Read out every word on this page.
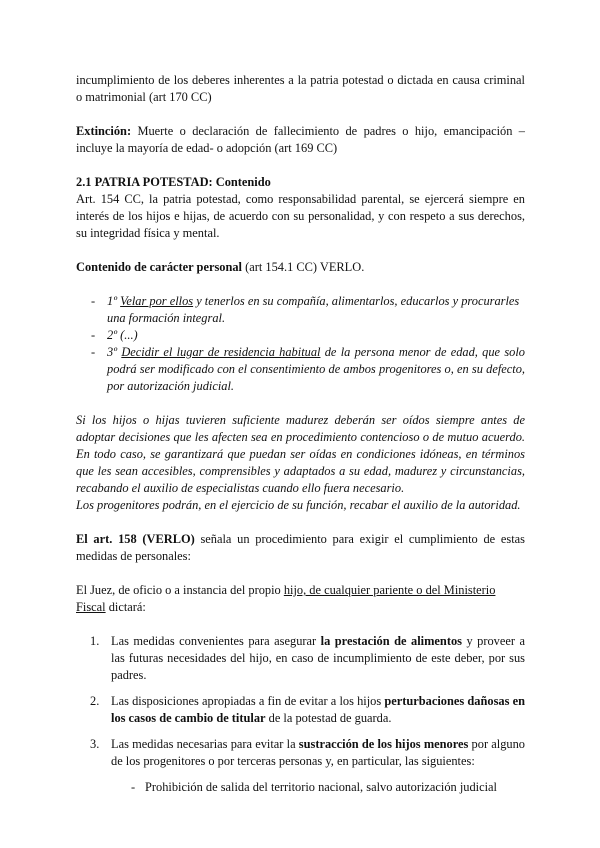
incumplimiento de los deberes inherentes a la patria potestad o dictada en causa criminal o matrimonial (art 170 CC)

Extinción: Muerte o declaración de fallecimiento de padres o hijo, emancipación –incluye la mayoría de edad- o adopción (art 169 CC)

2.1 PATRIA POTESTAD: Contenido

Art. 154 CC, la patria potestad, como responsabilidad parental, se ejercerá siempre en interés de los hijos e hijas, de acuerdo con su personalidad, y con respeto a sus derechos, su integridad física y mental.

Contenido de carácter personal (art 154.1 CC) VERLO.

- 1º Velar por ellos y tenerlos en su compañía, alimentarlos, educarlos y procurarles una formación integral.
- 2º (...)
- 3º Decidir el lugar de residencia habitual de la persona menor de edad, que solo podrá ser modificado con el consentimiento de ambos progenitores o, en su defecto, por autorización judicial.

Si los hijos o hijas tuvieren suficiente madurez deberán ser oídos siempre antes de adoptar decisiones que les afecten sea en procedimiento contencioso o de mutuo acuerdo. En todo caso, se garantizará que puedan ser oídas en condiciones idóneas, en términos que les sean accesibles, comprensibles y adaptados a su edad, madurez y circunstancias, recabando el auxilio de especialistas cuando ello fuera necesario.

Los progenitores podrán, en el ejercicio de su función, recabar el auxilio de la autoridad.

El art. 158 (VERLO) señala un procedimiento para exigir el cumplimiento de estas medidas de personales:

El Juez, de oficio o a instancia del propio hijo, de cualquier pariente o del Ministerio Fiscal dictará:

1. Las medidas convenientes para asegurar la prestación de alimentos y proveer a las futuras necesidades del hijo, en caso de incumplimiento de este deber, por sus padres.
2. Las disposiciones apropiadas a fin de evitar a los hijos perturbaciones dañosas en los casos de cambio de titular de la potestad de guarda.
3. Las medidas necesarias para evitar la sustracción de los hijos menores por alguno de los progenitores o por terceras personas y, en particular, las siguientes:
- Prohibición de salida del territorio nacional, salvo autorización judicial
